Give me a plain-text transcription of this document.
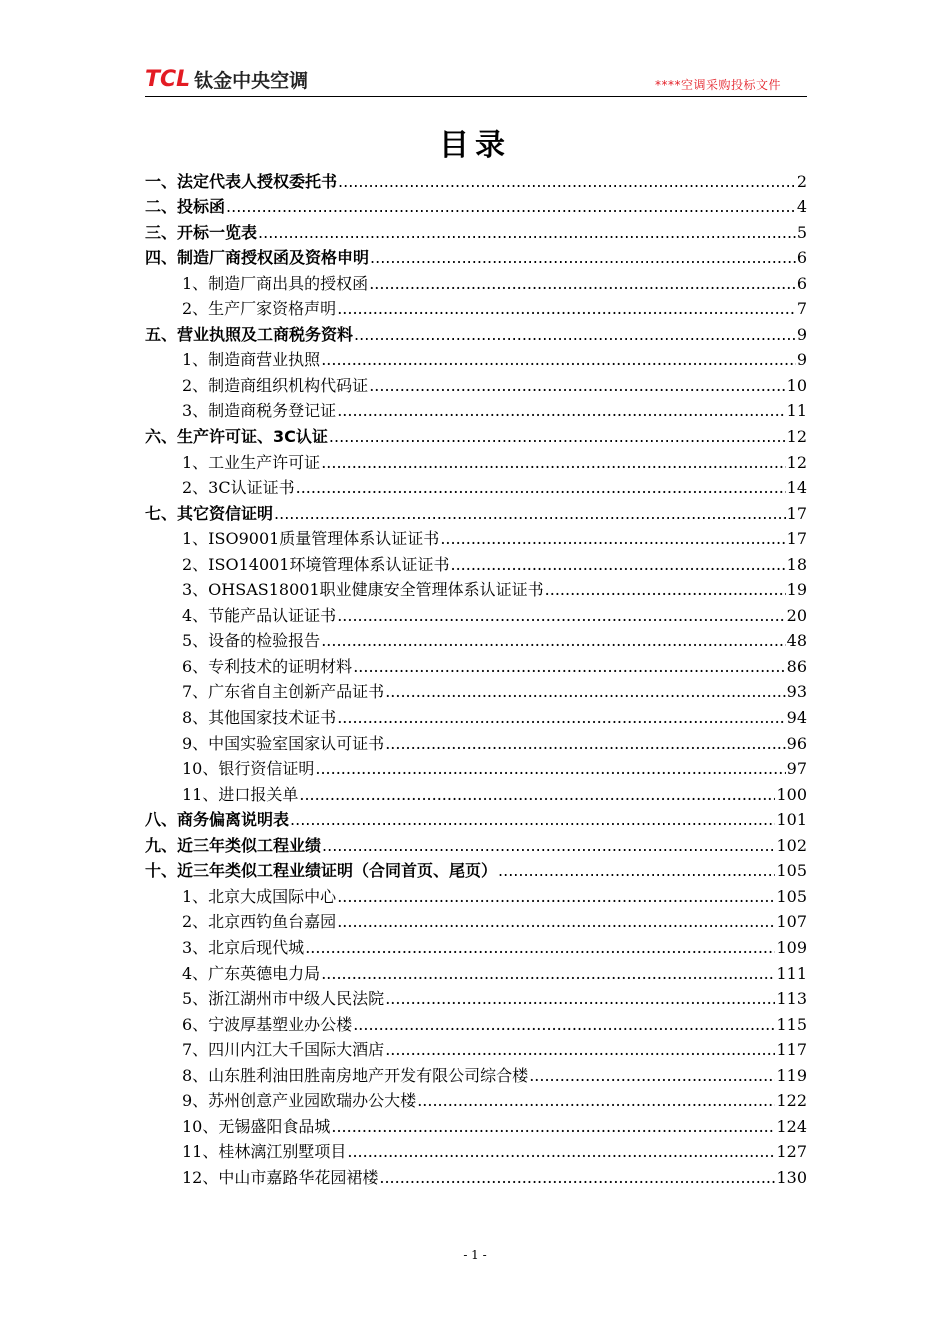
TCL 钛金中央空调	****空调采购投标文件
目录
一、法定代表人授权委托书 .....	2
二、投标函 .....	4
三、开标一览表 .....	5
四、制造厂商授权函及资格申明 .....	6
1、制造厂商出具的授权函 .....	6
2、生产厂家资格声明 .....	7
五、营业执照及工商税务资料 .....	9
1、制造商营业执照 .....	9
2、制造商组织机构代码证 .....	10
3、制造商税务登记证 .....	11
六、生产许可证、3C认证 .....	12
1、工业生产许可证 .....	12
2、3C认证证书 .....	14
七、其它资信证明 .....	17
1、ISO9001质量管理体系认证证书 .....	17
2、ISO14001环境管理体系认证证书 .....	18
3、OHSAS18001职业健康安全管理体系认证证书 .....	19
4、节能产品认证证书 .....	20
5、设备的检验报告 .....	48
6、专利技术的证明材料 .....	86
7、广东省自主创新产品证书 .....	93
8、其他国家技术证书 .....	94
9、中国实验室国家认可证书 .....	96
10、银行资信证明 .....	97
11、进口报关单 .....	100
八、商务偏离说明表 .....	101
九、近三年类似工程业绩 .....	102
十、近三年类似工程业绩证明（合同首页、尾页） .....	105
1、北京大成国际中心 .....	105
2、北京西钓鱼台嘉园 .....	107
3、北京后现代城 .....	109
4、广东英德电力局 .....	111
5、浙江湖州市中级人民法院 .....	113
6、宁波厚基塑业办公楼 .....	115
7、四川内江大千国际大酒店 .....	117
8、山东胜利油田胜南房地产开发有限公司综合楼 .....	119
9、苏州创意产业园欧瑞办公大楼 .....	122
10、无锡盛阳食品城 .....	124
11、桂林漓江别墅项目 .....	127
12、中山市嘉路华花园裙楼 .....	130
- 1 -
